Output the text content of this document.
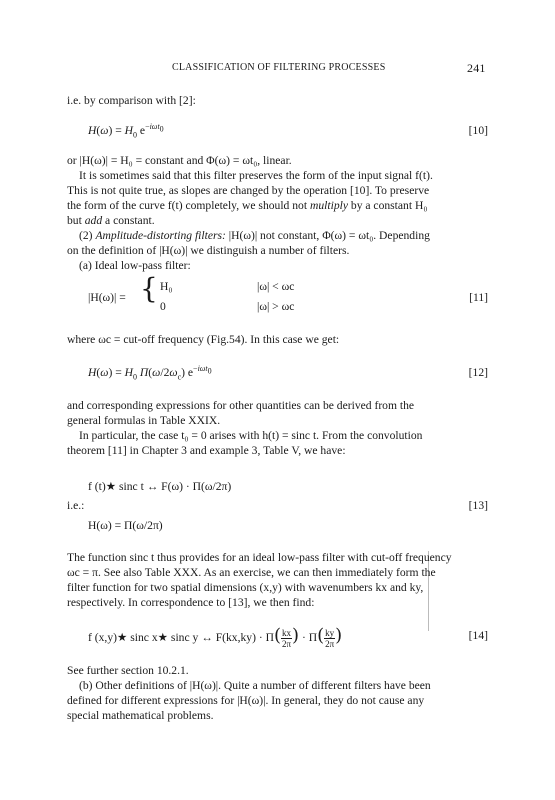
CLASSIFICATION OF FILTERING PROCESSES	241
i.e. by comparison with [2]:
$H(\omega) = H_0$ $e^{-i\omega t_0}$	[10]
or |H(ω)| = H₀ = constant and Φ(ω) = ωt₀, linear.
It is sometimes said that this filter preserves the form of the input signal f(t).
This is not quite true, as slopes are changed by the operation [10]. To preserve
the form of the curve f(t) completely, we should not multiply by a constant H₀
but add a constant.
(2) Amplitude-distorting filters: |H(ω)| not constant, Φ(ω) = ωt₀. Depending
on the definition of |H(ω)| we distinguish a number of filters.
(a) Ideal low-pass filter:
|H(ω)| = { H₀
0
|ω| < ωc
|ω| > ωc
[11]
where ωc = cut-off frequency (Fig.54). In this case we get:
$H(\omega) = H_0$ $\Pi(\omega/2\omega_c)$ $e^{-i\omega t_0}$	[12]
and corresponding expressions for other quantities can be derived from the
general formulas in Table XXIX.
In particular, the case t₀ = 0 arises with h(t) = sinc t. From the convolution
theorem [11] in Chapter 3 and example 3, Table V, we have:
f (t)★ sinc t ↔ F(ω) · Π(ω/2π)
i.e.:	[13]
H(ω) = Π(ω/2π)
The function sinc t thus provides for an ideal low-pass filter with cut-off frequency
ωc = π. See also Table XXX. As an exercise, we can then immediately form the
filter function for two spatial dimensions (x,y) with wavenumbers kx and ky,
respectively. In correspondence to [13], we then find:
f (x,y)★ sinc x★ sinc y ↔ $F(kx,ky) \cdot \Pi( \frac{kx}{2\pi}$ ) · $\Pi( \frac{ky}{2\pi}$ )	[14]
See further section 10.2.1.
(b) Other definitions of |H(ω)|. Quite a number of different filters have been
defined for different expressions for |H(ω)|. In general, they do not cause any
special mathematical problems.
